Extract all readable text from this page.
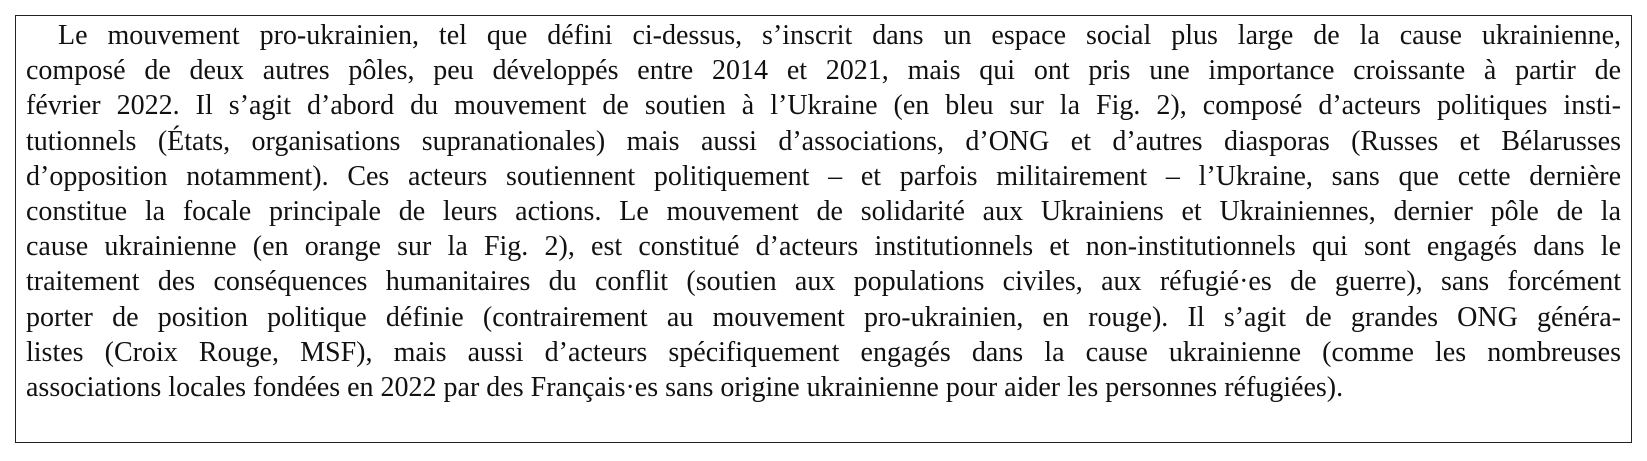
Le mouvement pro-ukrainien, tel que défini ci-dessus, s’inscrit dans un espace social plus large de la cause ukrainienne,
composé de deux autres pôles, peu développés entre 2014 et 2021, mais qui ont pris une importance croissante à partir de
février 2022. Il s’agit d’abord du mouvement de soutien à l’Ukraine (en bleu sur la Fig. 2), composé d’acteurs politiques insti-
tutionnels (États, organisations supranationales) mais aussi d’associations, d’ONG et d’autres diasporas (Russes et Bélarusses
d’opposition notamment). Ces acteurs soutiennent politiquement – et parfois militairement – l’Ukraine, sans que cette dernière
constitue la focale principale de leurs actions. Le mouvement de solidarité aux Ukrainiens et Ukrainiennes, dernier pôle de la
cause ukrainienne (en orange sur la Fig. 2), est constitué d’acteurs institutionnels et non-institutionnels qui sont engagés dans le
traitement des conséquences humanitaires du conflit (soutien aux populations civiles, aux réfugié·es de guerre), sans forcément
porter de position politique définie (contrairement au mouvement pro-ukrainien, en rouge). Il s’agit de grandes ONG généra-
listes (Croix Rouge, MSF), mais aussi d’acteurs spécifiquement engagés dans la cause ukrainienne (comme les nombreuses
associations locales fondées en 2022 par des Français·es sans origine ukrainienne pour aider les personnes réfugiées).
